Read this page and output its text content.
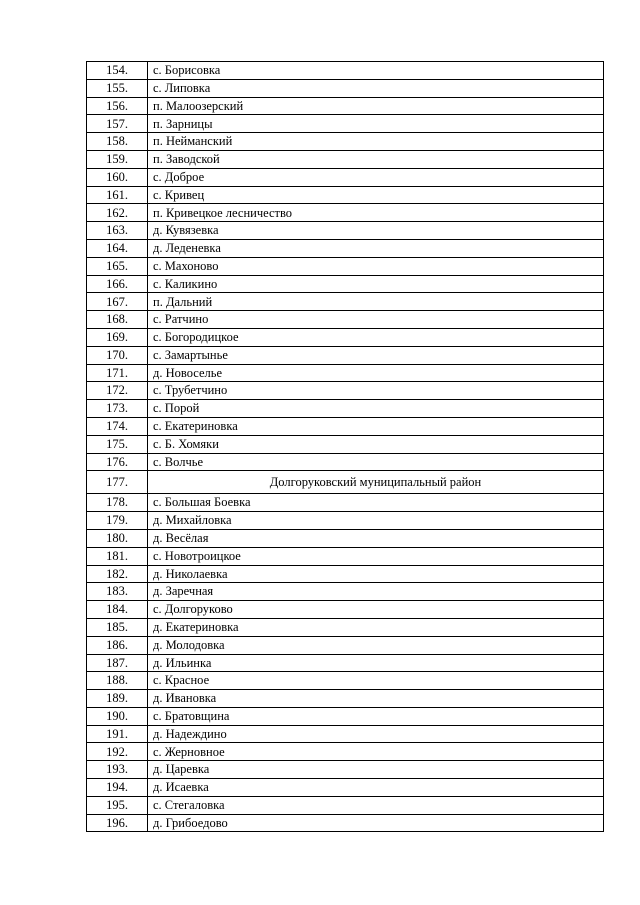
154.	с. Борисовка
155.	с. Липовка
156.	п. Малоозерский
157.	п. Зарницы
158.	п. Нейманский
159.	п. Заводской
160.	с. Доброе
161.	с. Кривец
162.	п. Кривецкое лесничество
163.	д. Кувязевка
164.	д. Леденевка
165.	с. Махоново
166.	с. Каликино
167.	п. Дальний
168.	с. Ратчино
169.	с. Богородицкое
170.	с. Замартынье
171.	д. Новоселье
172.	с. Трубетчино
173.	с. Порой
174.	с. Екатериновка
175.	с. Б. Хомяки
176.	с. Волчье
177.	Долгоруковский муниципальный район
178.	с. Большая Боевка
179.	д. Михайловка
180.	д. Весёлая
181.	с. Новотроицкое
182.	д. Николаевка
183.	д. Заречная
184.	с. Долгоруково
185.	д. Екатериновка
186.	д. Молодовка
187.	д. Ильинка
188.	с. Красное
189.	д. Ивановка
190.	с. Братовщина
191.	д. Надеждино
192.	с. Жерновное
193.	д. Царевка
194.	д. Исаевка
195.	с. Стегаловка
196.	д. Грибоедово
